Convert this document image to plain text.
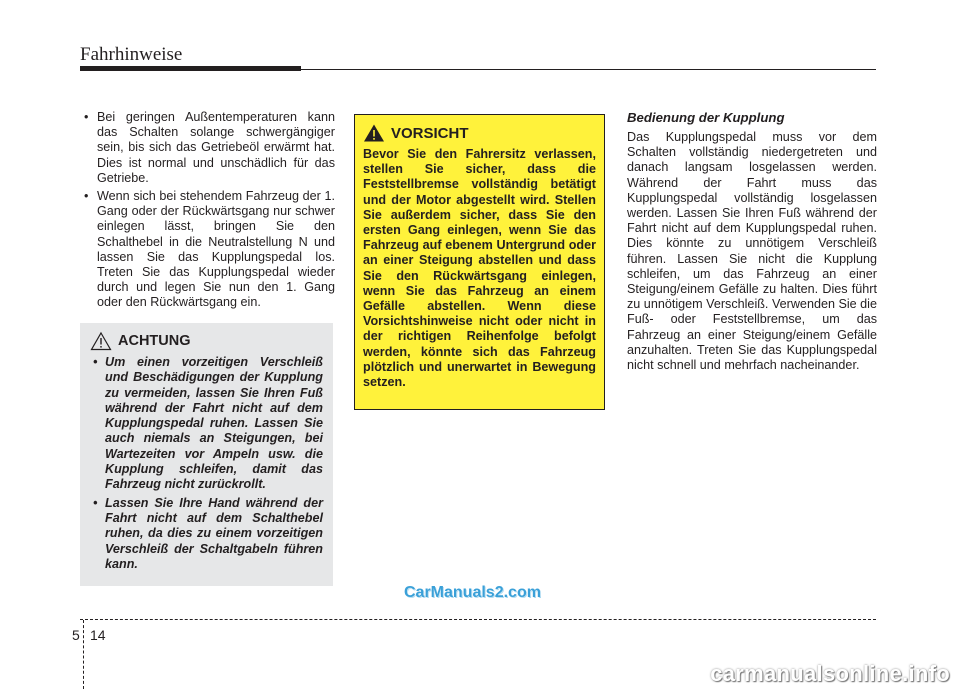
Fahrhinweise
• Bei geringen Außentemperaturen kann das Schalten solange schwergängiger sein, bis sich das Getriebeöl erwärmt hat. Dies ist normal und unschädlich für das Getriebe.
• Wenn sich bei stehendem Fahrzeug der 1. Gang oder der Rückwärtsgang nur schwer einlegen lässt, bringen Sie den Schalthebel in die Neutralstellung N und lassen Sie das Kupplungspedal los. Treten Sie das Kupplungspedal wieder durch und legen Sie nun den 1. Gang oder den Rückwärtsgang ein.
ACHTUNG
• Um einen vorzeitigen Verschleiß und Beschädigungen der Kupplung zu vermeiden, lassen Sie Ihren Fuß während der Fahrt nicht auf dem Kupplungspedal ruhen. Lassen Sie auch niemals an Steigungen, bei Wartezeiten vor Ampeln usw. die Kupplung schleifen, damit das Fahrzeug nicht zurückrollt.
• Lassen Sie Ihre Hand während der Fahrt nicht auf dem Schalthebel ruhen, da dies zu einem vorzeitigen Verschleiß der Schaltgabeln führen kann.
VORSICHT
Bevor Sie den Fahrersitz verlassen, stellen Sie sicher, dass die Feststellbremse vollständig betätigt und der Motor abgestellt wird. Stellen Sie außerdem sicher, dass Sie den ersten Gang einlegen, wenn Sie das Fahrzeug auf ebenem Untergrund oder an einer Steigung abstellen und dass Sie den Rückwärtsgang einlegen, wenn Sie das Fahrzeug an einem Gefälle abstellen. Wenn diese Vorsichtshinweise nicht oder nicht in der richtigen Reihenfolge befolgt werden, könnte sich das Fahrzeug plötzlich und unerwartet in Bewegung setzen.

Bedienung der Kupplung

Das Kupplungspedal muss vor dem Schalten vollständig niedergetreten und danach langsam losgelassen werden. Während der Fahrt muss das Kupplungspedal vollständig losgelassen werden. Lassen Sie Ihren Fuß während der Fahrt nicht auf dem Kupplungspedal ruhen. Dies könnte zu unnötigem Verschleiß führen. Lassen Sie nicht die Kupplung schleifen, um das Fahrzeug an einer Steigung/einem Gefälle zu halten. Dies führt zu unnötigem Verschleiß. Verwenden Sie die Fuß- oder Feststellbremse, um das Fahrzeug an einer Steigung/einem Gefälle anzuhalten. Treten Sie das Kupplungspedal nicht schnell und mehrfach nacheinander.

CarManuals2.com
5 14
carmanualsonline.info
